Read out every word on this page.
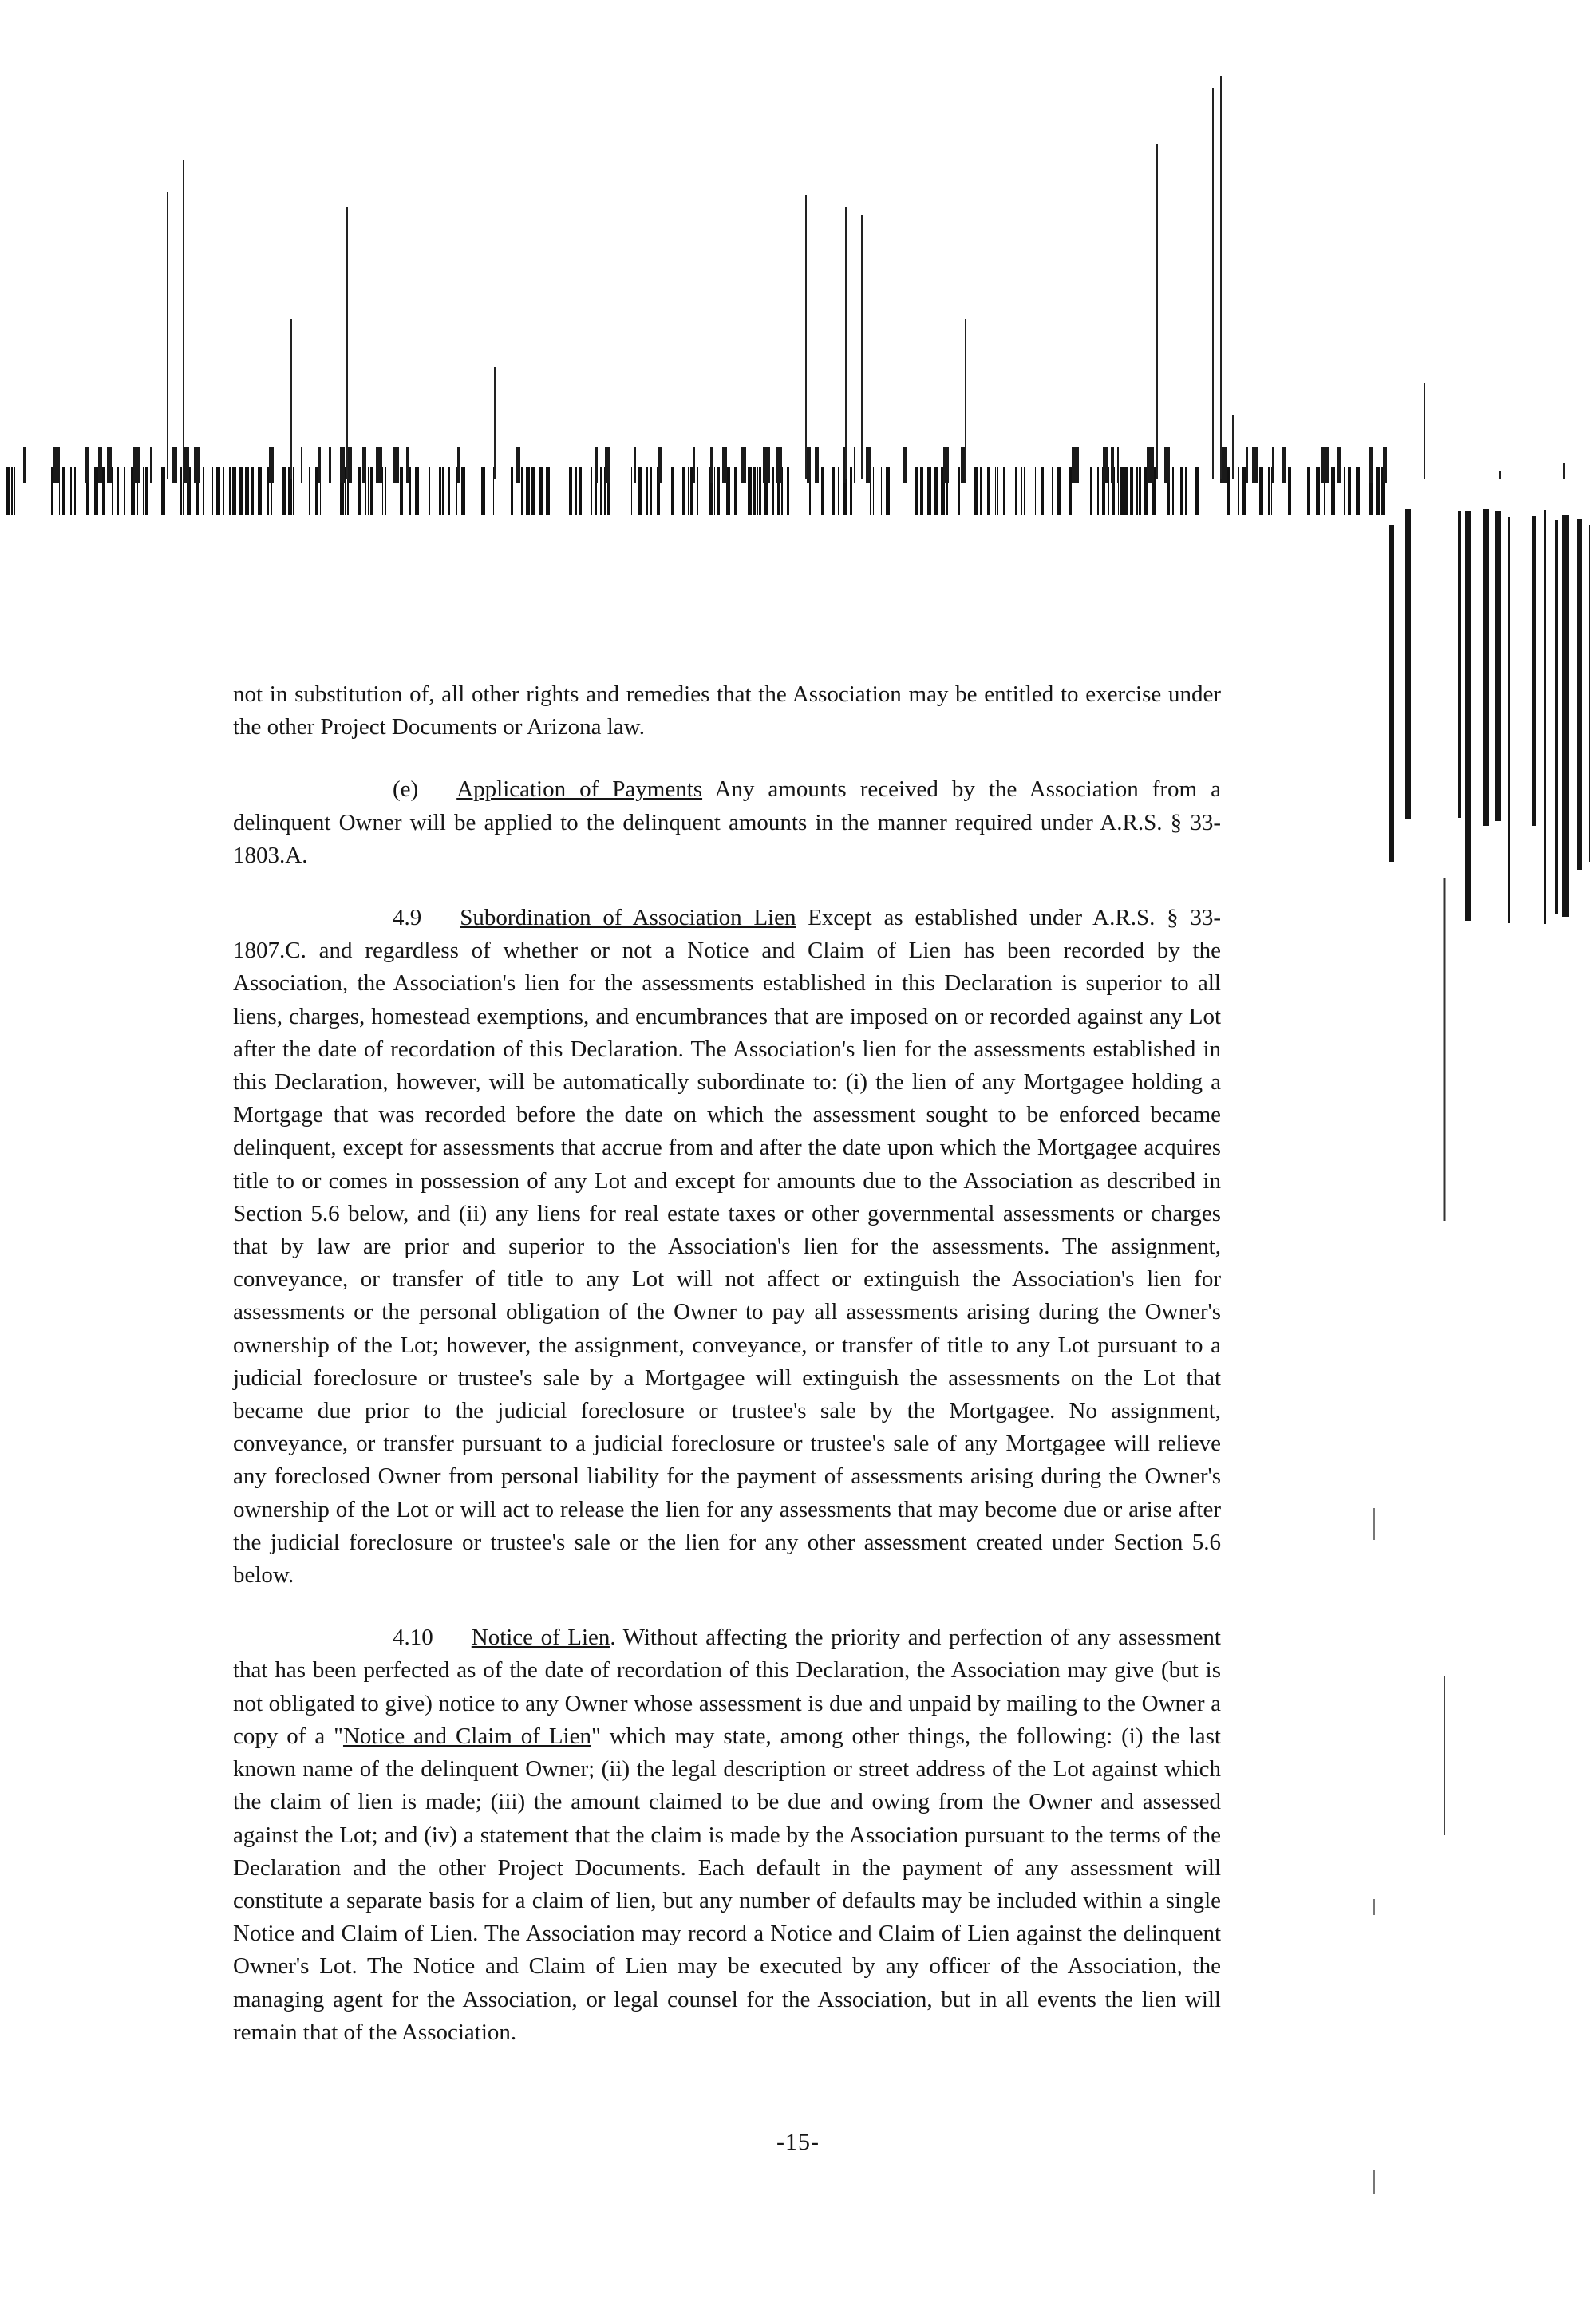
not in substitution of, all other rights and remedies that the Association may be entitled to exercise under the other Project Documents or Arizona law.

(e) Application of Payments Any amounts received by the Association from a delinquent Owner will be applied to the delinquent amounts in the manner required under A.R.S. § 33-1803.A.

4.9 Subordination of Association Lien Except as established under A.R.S. § 33-1807.C. and regardless of whether or not a Notice and Claim of Lien has been recorded by the Association, the Association's lien for the assessments established in this Declaration is superior to all liens, charges, homestead exemptions, and encumbrances that are imposed on or recorded against any Lot after the date of recordation of this Declaration. The Association's lien for the assessments established in this Declaration, however, will be automatically subordinate to: (i) the lien of any Mortgagee holding a Mortgage that was recorded before the date on which the assessment sought to be enforced became delinquent, except for assessments that accrue from and after the date upon which the Mortgagee acquires title to or comes in possession of any Lot and except for amounts due to the Association as described in Section 5.6 below, and (ii) any liens for real estate taxes or other governmental assessments or charges that by law are prior and superior to the Association's lien for the assessments. The assignment, conveyance, or transfer of title to any Lot will not affect or extinguish the Association's lien for assessments or the personal obligation of the Owner to pay all assessments arising during the Owner's ownership of the Lot; however, the assignment, conveyance, or transfer of title to any Lot pursuant to a judicial foreclosure or trustee's sale by a Mortgagee will extinguish the assessments on the Lot that became due prior to the judicial foreclosure or trustee's sale by the Mortgagee. No assignment, conveyance, or transfer pursuant to a judicial foreclosure or trustee's sale of any Mortgagee will relieve any foreclosed Owner from personal liability for the payment of assessments arising during the Owner's ownership of the Lot or will act to release the lien for any assessments that may become due or arise after the judicial foreclosure or trustee's sale or the lien for any other assessment created under Section 5.6 below.

4.10 Notice of Lien. Without affecting the priority and perfection of any assessment that has been perfected as of the date of recordation of this Declaration, the Association may give (but is not obligated to give) notice to any Owner whose assessment is due and unpaid by mailing to the Owner a copy of a "Notice and Claim of Lien" which may state, among other things, the following: (i) the last known name of the delinquent Owner; (ii) the legal description or street address of the Lot against which the claim of lien is made; (iii) the amount claimed to be due and owing from the Owner and assessed against the Lot; and (iv) a statement that the claim is made by the Association pursuant to the terms of the Declaration and the other Project Documents. Each default in the payment of any assessment will constitute a separate basis for a claim of lien, but any number of defaults may be included within a single Notice and Claim of Lien. The Association may record a Notice and Claim of Lien against the delinquent Owner's Lot. The Notice and Claim of Lien may be executed by any officer of the Association, the managing agent for the Association, or legal counsel for the Association, but in all events the lien will remain that of the Association.

-15-
